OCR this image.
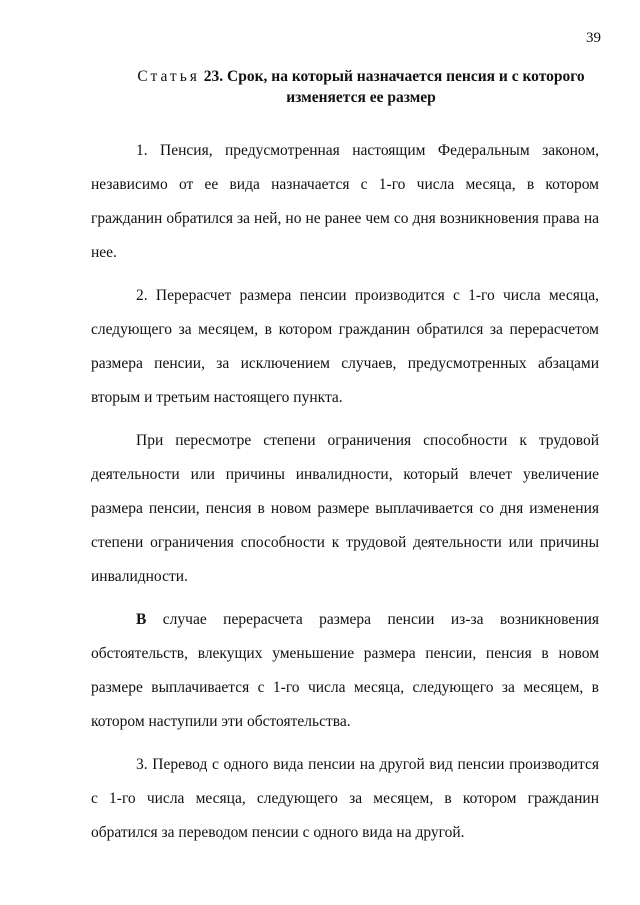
39
Статья 23. Срок, на который назначается пенсия и с которого изменяется ее размер

1. Пенсия, предусмотренная настоящим Федеральным законом, независимо от ее вида назначается с 1-го числа месяца, в котором гражданин обратился за ней, но не ранее чем со дня возникновения права на нее.

2. Перерасчет размера пенсии производится с 1-го числа месяца, следующего за месяцем, в котором гражданин обратился за перерасчетом размера пенсии, за исключением случаев, предусмотренных абзацами вторым и третьим настоящего пункта.

При пересмотре степени ограничения способности к трудовой деятельности или причины инвалидности, который влечет увеличение размера пенсии, пенсия в новом размере выплачивается со дня изменения степени ограничения способности к трудовой деятельности или причины инвалидности.

В случае перерасчета размера пенсии из-за возникновения обстоятельств, влекущих уменьшение размера пенсии, пенсия в новом размере выплачивается с 1-го числа месяца, следующего за месяцем, в котором наступили эти обстоятельства.

3. Перевод с одного вида пенсии на другой вид пенсии производится с 1-го числа месяца, следующего за месяцем, в котором гражданин обратился за переводом пенсии с одного вида на другой.
